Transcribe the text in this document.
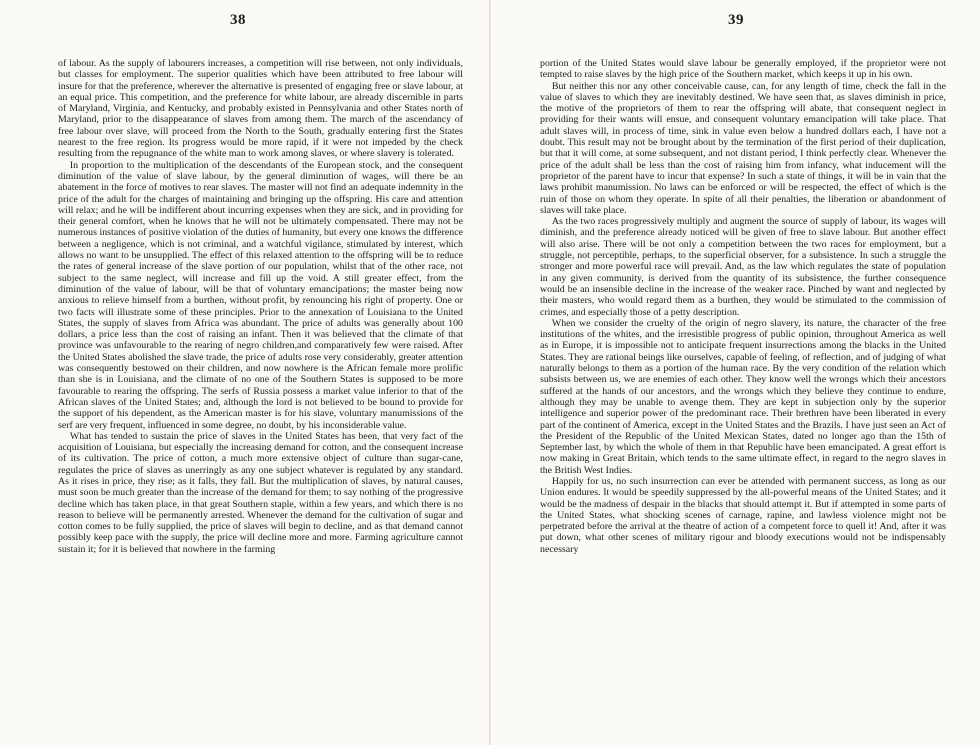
38

of labour. As the supply of labourers increases, a competition will rise between, not only individuals, but classes for employment. The superior qualities which have been attributed to free labour will insure for that the preference, wherever the alternative is presented of engaging free or slave labour, at an equal price. This competition, and the preference for white labour, are already discernible in parts of Maryland, Virginia, and Kentucky, and probably existed in Pennsylvania and other States north of Maryland, prior to the disappearance of slaves from among them. The march of the ascendancy of free labour over slave, will proceed from the North to the South, gradually entering first the States nearest to the free region. Its progress would be more rapid, if it were not impeded by the check resulting from the repugnance of the white man to work among slaves, or where slavery is tolerated.

In proportion to the multiplication of the descendants of the European stock, and the consequent diminution of the value of slave labour, by the general diminution of wages, will there be an abatement in the force of motives to rear slaves. The master will not find an adequate indemnity in the price of the adult for the charges of maintaining and bringing up the offspring. His care and attention will relax; and he will be indifferent about incurring expenses when they are sick, and in providing for their general comfort, when he knows that he will not be ultimately compensated. There may not be numerous instances of positive violation of the duties of humanity, but every one knows the difference between a negligence, which is not criminal, and a watchful vigilance, stimulated by interest, which allows no want to be unsupplied. The effect of this relaxed attention to the offspring will be to reduce the rates of general increase of the slave portion of our population, whilst that of the other race, not subject to the same neglect, will increase and fill up the void. A still greater effect, from the diminution of the value of labour, will be that of voluntary emancipations; the master being now anxious to relieve himself from a burthen, without profit, by renouncing his right of property. One or two facts will illustrate some of these principles. Prior to the annexation of Louisiana to the United States, the supply of slaves from Africa was abundant. The price of adults was generally about 100 dollars, a price less than the cost of raising an infant. Then it was believed that the climate of that province was unfavourable to the rearing of negro children,and comparatively few were raised. After the United States abolished the slave trade, the price of adults rose very considerably, greater attention was consequently bestowed on their children, and now nowhere is the African female more prolific than she is in Louisiana, and the climate of no one of the Southern States is supposed to be more favourable to rearing the offspring. The serfs of Russia possess a market value inferior to that of the African slaves of the United States; and, although the lord is not believed to be bound to provide for the support of his dependent, as the American master is for his slave, voluntary manumissions of the serf are very frequent, influenced in some degree, no doubt, by his inconsiderable value.

What has tended to sustain the price of slaves in the United States has been, that very fact of the acquisition of Louisiana, but especially the increasing demand for cotton, and the consequent increase of its cultivation. The price of cotton, a much more extensive object of culture than sugar-cane, regulates the price of slaves as unerringly as any one subject whatever is regulated by any standard. As it rises in price, they rise; as it falls, they fall. But the multiplication of slaves, by natural causes, must soon be much greater than the increase of the demand for them; to say nothing of the progressive decline which has taken place, in that great Southern staple, within a few years, and which there is no reason to believe will be permanently arrested. Whenever the demand for the cultivation of sugar and cotton comes to be fully supplied, the price of slaves will begin to decline, and as that demand cannot possibly keep pace with the supply, the price will decline more and more. Farming agriculture cannot sustain it; for it is believed that nowhere in the farming

39

portion of the United States would slave labour be generally employed, if the proprietor were not tempted to raise slaves by the high price of the Southern market, which keeps it up in his own.

But neither this nor any other conceivable cause, can, for any length of time, check the fall in the value of slaves to which they are inevitably destined. We have seen that, as slaves diminish in price, the motive of the proprietors of them to rear the offspring will abate, that consequent neglect in providing for their wants will ensue, and consequent voluntary emancipation will take place. That adult slaves will, in process of time, sink in value even below a hundred dollars each, I have not a doubt. This result may not be brought about by the termination of the first period of their duplication, but that it will come, at some subsequent, and not distant period, I think perfectly clear. Whenever the price of the adult shall be less than the cost of raising him from infancy, what inducement will the proprietor of the parent have to incur that expense? In such a state of things, it will be in vain that the laws prohibit manumission. No laws can be enforced or will be respected, the effect of which is the ruin of those on whom they operate. In spite of all their penalties, the liberation or abandonment of slaves will take place.

As the two races progressively multiply and augment the source of supply of labour, its wages will diminish, and the preference already noticed will be given of free to slave labour. But another effect will also arise. There will be not only a competition between the two races for employment, but a struggle, not perceptible, perhaps, to the superficial observer, for a subsistence. In such a struggle the stronger and more powerful race will prevail. And, as the law which regulates the state of population in any given community, is derived from the quantity of its subsistence, the further consequence would be an insensible decline in the increase of the weaker race. Pinched by want and neglected by their masters, who would regard them as a burthen, they would be stimulated to the commission of crimes, and especially those of a petty description.

When we consider the cruelty of the origin of negro slavery, its nature, the character of the free institutions of the whites, and the irresistible progress of public opinion, throughout America as well as in Europe, it is impossible not to anticipate frequent insurrections among the blacks in the United States. They are rational beings like ourselves, capable of feeling, of reflection, and of judging of what naturally belongs to them as a portion of the human race. By the very condition of the relation which subsists between us, we are enemies of each other. They know well the wrongs which their ancestors suffered at the hands of our ancestors, and the wrongs which they believe they continue to endure, although they may be unable to avenge them. They are kept in subjection only by the superior intelligence and superior power of the predominant race. Their brethren have been liberated in every part of the continent of America, except in the United States and the Brazils. I have just seen an Act of the President of the Republic of the United Mexican States, dated no longer ago than the 15th of September last, by which the whole of them in that Republic have been emancipated. A great effort is now making in Great Britain, which tends to the same ultimate effect, in regard to the negro slaves in the British West Indies.

Happily for us, no such insurrection can ever be attended with permanent success, as long as our Union endures. It would be speedily suppressed by the all-powerful means of the United States; and it would be the madness of despair in the blacks that should attempt it. But if attempted in some parts of the United States, what shocking scenes of carnage, rapine, and lawless violence might not be perpetrated before the arrival at the theatre of action of a competent force to quell it! And, after it was put down, what other scenes of military rigour and bloody executions would not be indispensably necessary
